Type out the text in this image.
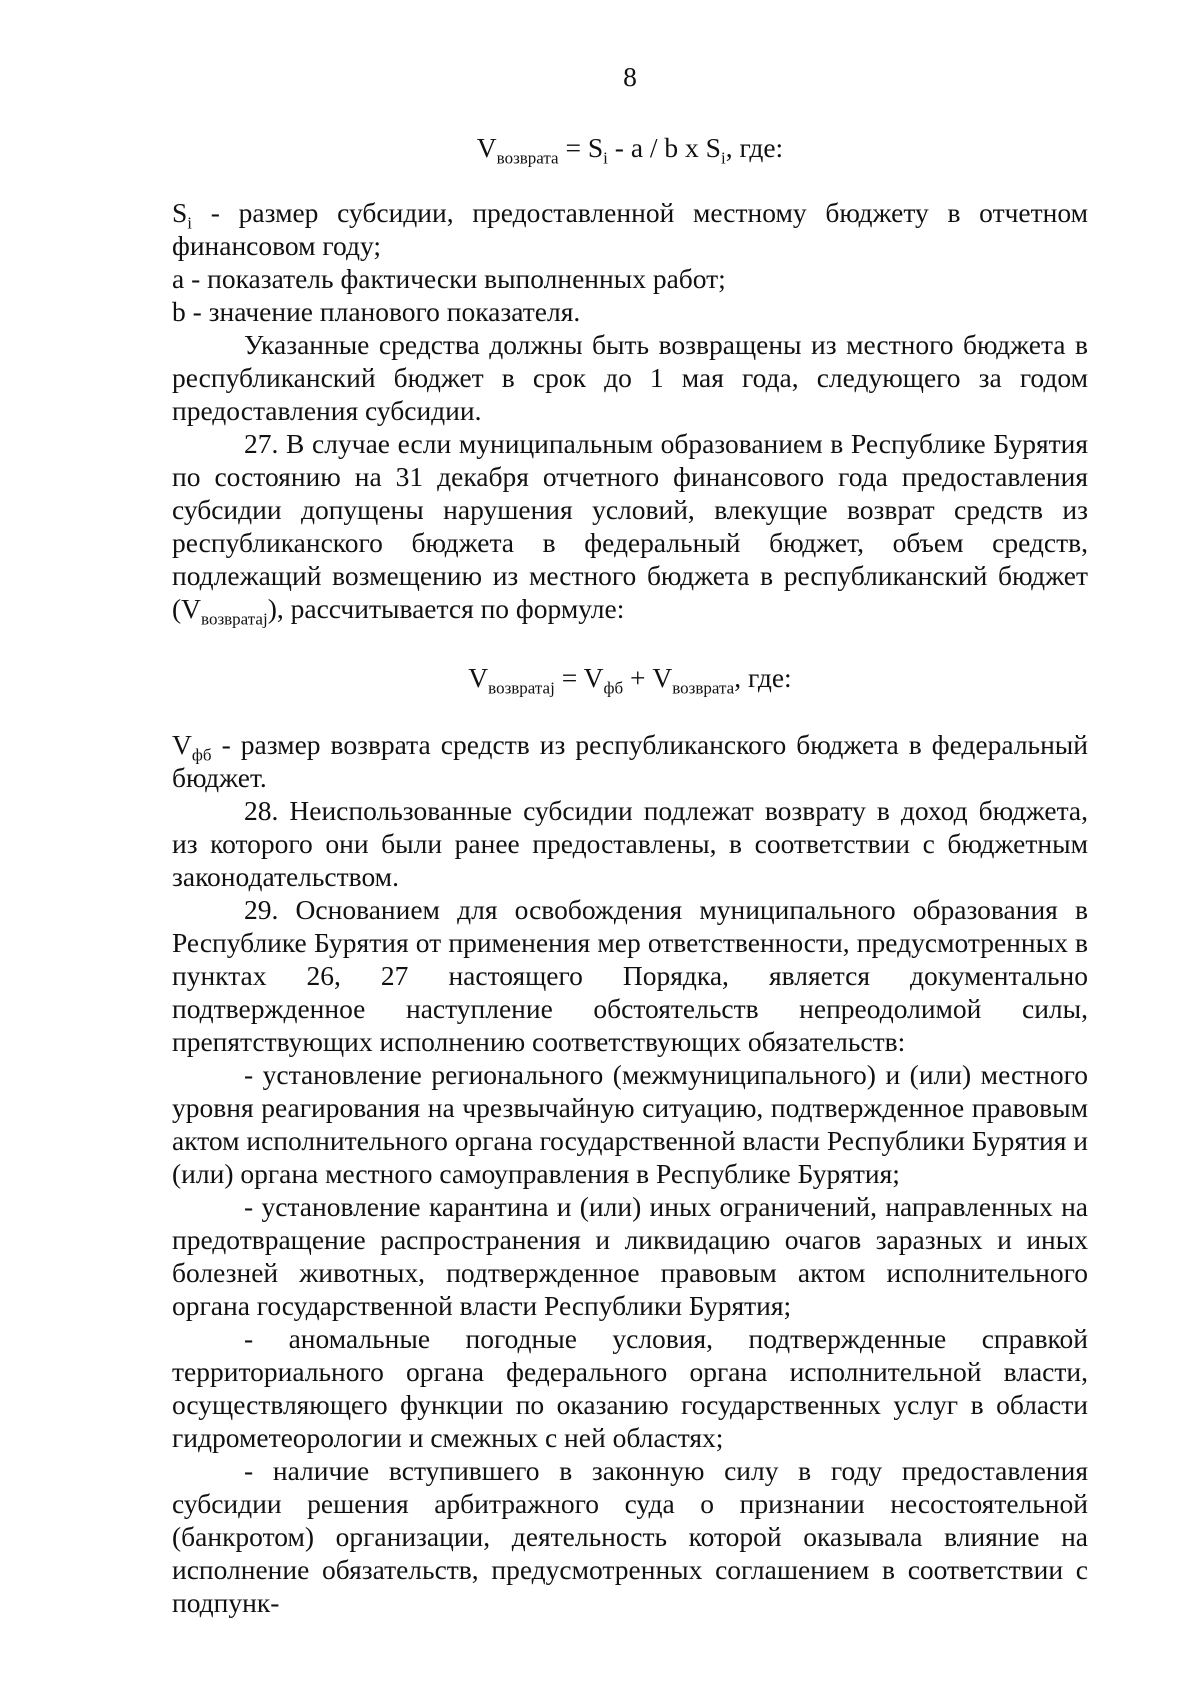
8
$V_{возврата} = S_i - a / b$ x $S_i$, где:

$S_i$ - размер субсидии, предоставленной местному бюджету в отчетном финансовом году;

a - показатель фактически выполненных работ;

b - значение планового показателя.

Указанные средства должны быть возвращены из местного бюджета в республиканский бюджет в срок до 1 мая года, следующего за годом предоставления субсидии.

27. В случае если муниципальным образованием в Республике Бурятия по состоянию на 31 декабря отчетного финансового года предоставления субсидии допущены нарушения условий, влекущие возврат средств из республиканского бюджета в федеральный бюджет, объем средств, подлежащий возмещению из местного бюджета в республиканский бюджет $(V_{возвратаj})$, рассчитывается по формуле:

$V_{возвратаj} = V_{фб} + V_{возврата}$, где:

$V_{фб}$ - размер возврата средств из республиканского бюджета в федеральный бюджет.

28. Неиспользованные субсидии подлежат возврату в доход бюджета, из которого они были ранее предоставлены, в соответствии с бюджетным законодательством.

29. Основанием для освобождения муниципального образования в Республике Бурятия от применения мер ответственности, предусмотренных в пунктах 26, 27 настоящего Порядка, является документально подтвержденное наступление обстоятельств непреодолимой силы, препятствующих исполнению соответствующих обязательств:

- установление регионального (межмуниципального) и (или) местного уровня реагирования на чрезвычайную ситуацию, подтвержденное правовым актом исполнительного органа государственной власти Республики Бурятия и (или) органа местного самоуправления в Республике Бурятия;

- установление карантина и (или) иных ограничений, направленных на предотвращение распространения и ликвидацию очагов заразных и иных болезней животных, подтвержденное правовым актом исполнительного органа государственной власти Республики Бурятия;

- аномальные погодные условия, подтвержденные справкой территориального органа федерального органа исполнительной власти, осуществляющего функции по оказанию государственных услуг в области гидрометеорологии и смежных с ней областях;

- наличие вступившего в законную силу в году предоставления субсидии решения арбитражного суда о признании несостоятельной (банкротом) организации, деятельность которой оказывала влияние на исполнение обязательств, предусмотренных соглашением в соответствии с подпунк-
